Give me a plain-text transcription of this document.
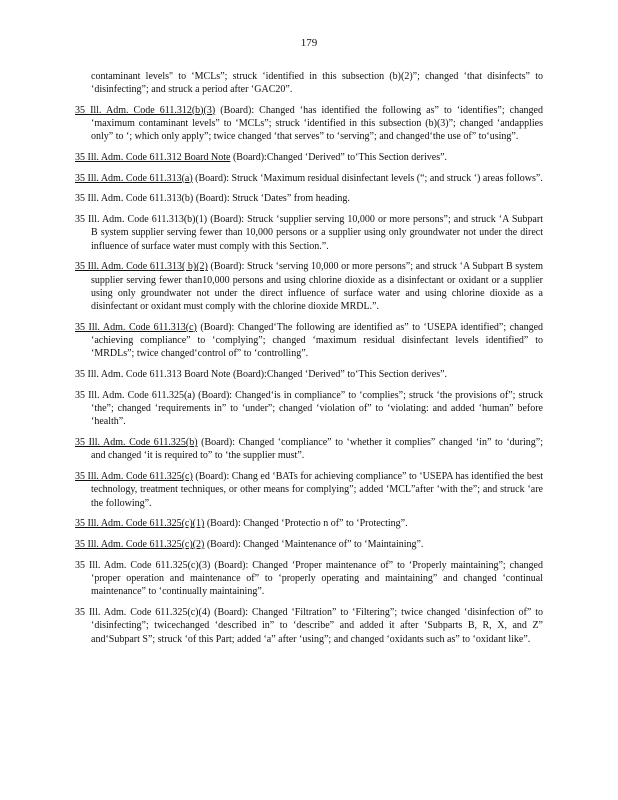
179

contaminant levels" to ‘MCLs”; struck ‘identified in this subsection (b)(2)”; changed ‘that disinfects” to ‘disinfecting”; and struck a period after ‘GAC20”.

35 Ill. Adm. Code 611.312(b)(3) (Board): Changed ‘has identified the following as” to ‘identifies”; changed ‘maximum contaminant levels” to ‘MCLs”; struck ‘identified in this subsection (b)(3)”; changed ‘andapplies only” to ‘; which only apply”; twice changed ‘that serves” to ‘serving”; and changed‘the use of” to‘using”.

35 Ill. Adm. Code 611.312 Board Note (Board):Changed ‘Derived” to‘This Section derives”.

35 Ill. Adm. Code 611.313(a) (Board): Struck ‘Maximum residual disinfectant levels (“; and struck ‘) areas follows”.

35 Ill. Adm. Code 611.313(b) (Board): Struck ‘Dates” from heading.

35 Ill. Adm. Code 611.313(b)(1) (Board): Struck ‘supplier serving 10,000 or more persons”; and struck ‘A Subpart B system supplier serving fewer than 10,000 persons or a supplier using only groundwater not under the direct influence of surface water must comply with this Section.”.

35 Ill. Adm. Code 611.313( b)(2) (Board): Struck ‘serving 10,000 or more persons”; and struck ‘A Subpart B system supplier serving fewer than10,000 persons and using chlorine dioxide as a disinfectant or oxidant or a supplier using only groundwater not under the direct influence of surface water and using chlorine dioxide as a disinfectant or oxidant must comply with the chlorine dioxide MRDL.”.

35 Ill. Adm. Code 611.313(c) (Board): Changed‘The following are identified as” to ‘USEPA identified”; changed ‘achieving compliance” to ‘complying”; changed ‘maximum residual disinfectant levels identified” to ‘MRDLs”; twice changed‘control of” to ‘controlling”.

35 Ill. Adm. Code 611.313 Board Note (Board):Changed ‘Derived” to‘This Section derives”.

35 Ill. Adm. Code 611.325(a) (Board): Changed‘is in compliance” to ‘complies”; struck ‘the provisions of”; struck ‘the”; changed ‘requirements in” to ‘under”; changed ‘violation of” to ‘violating: and added ‘human” before ‘health”.

35 Ill. Adm. Code 611.325(b) (Board): Changed ‘compliance” to ‘whether it complies” changed ‘in” to ‘during”; and changed ‘it is required to” to ‘the supplier must”.

35 Ill. Adm. Code 611.325(c) (Board): Chang ed ‘BATs for achieving compliance” to ‘USEPA has identified the best technology, treatment techniques, or other means for complying”; added ‘MCL”after ‘with the”; and struck ‘are the following”.

35 Ill. Adm. Code 611.325(c)(1) (Board): Changed ‘Protectio n of” to ‘Protecting”.

35 Ill. Adm. Code 611.325(c)(2) (Board): Changed ‘Maintenance of” to ‘Maintaining”.

35 Ill. Adm. Code 611.325(c)(3) (Board): Changed ‘Proper maintenance of” to ‘Properly maintaining”; changed ‘proper operation and maintenance of” to ‘properly operating and maintaining” and changed ‘continual maintenance” to ‘continually maintaining”.

35 Ill. Adm. Code 611.325(c)(4) (Board): Changed ‘Filtration” to ‘Filtering”; twice changed ‘disinfection of” to ‘disinfecting”; twicechanged ‘described in” to ‘describe” and added it after ‘Subparts B, R, X, and Z” and‘Subpart S”; struck ‘of this Part; added ‘a” after ‘using”; and changed ‘oxidants such as” to ‘oxidant like”.
